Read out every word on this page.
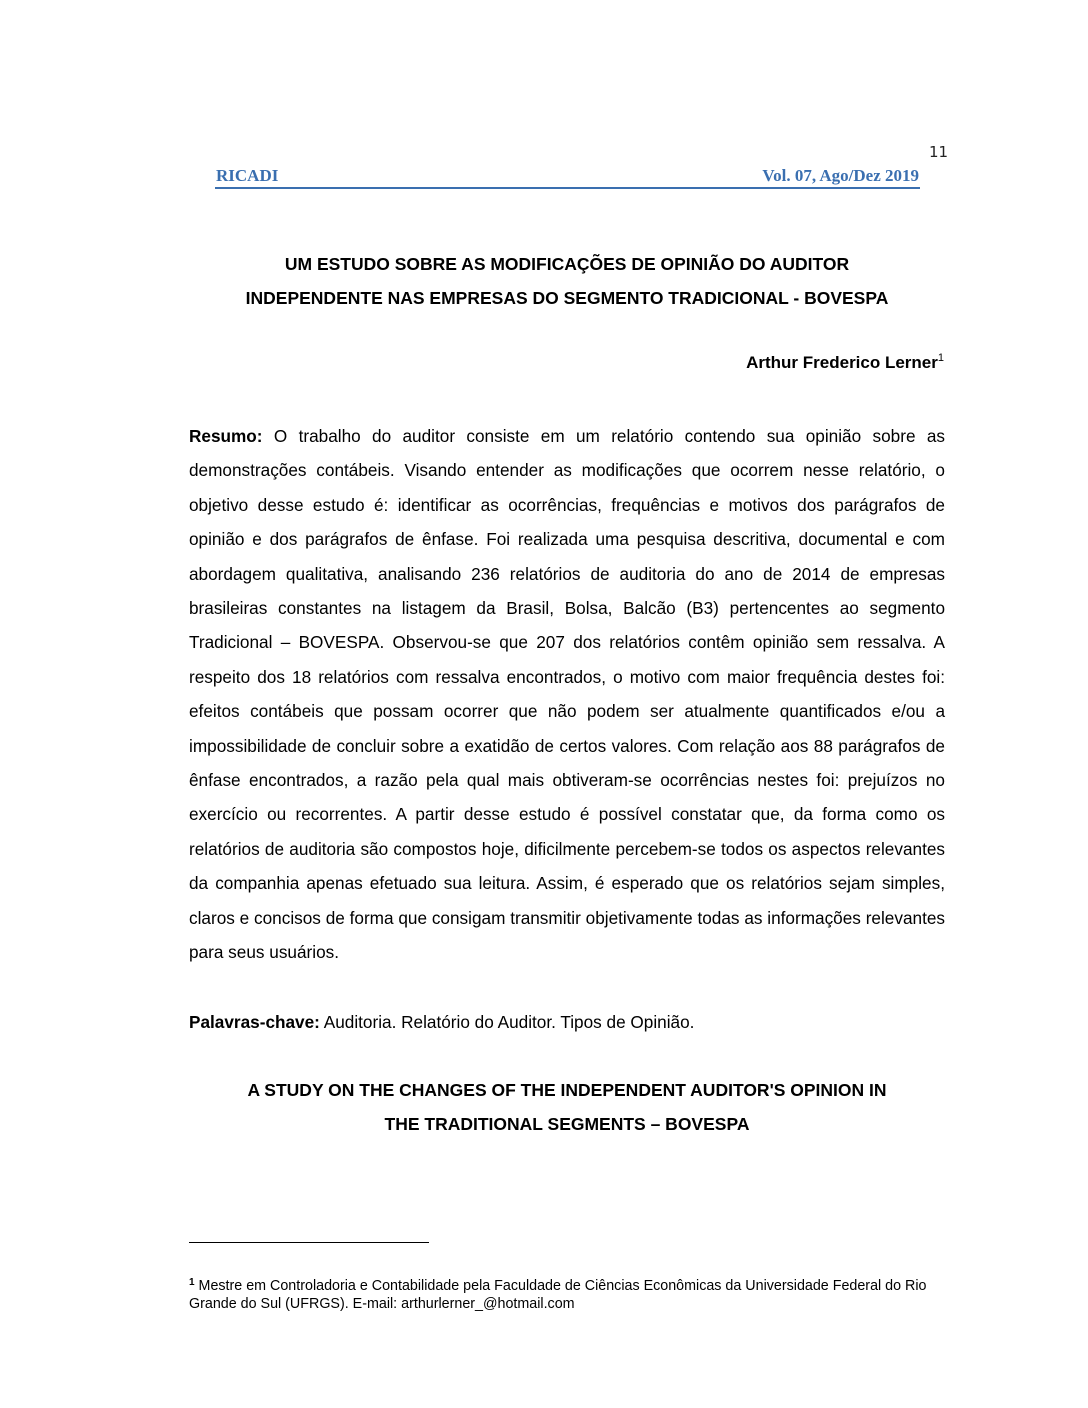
11
RICADI	Vol. 07, Ago/Dez 2019
UM ESTUDO SOBRE AS MODIFICAÇÕES DE OPINIÃO DO AUDITOR
INDEPENDENTE NAS EMPRESAS DO SEGMENTO TRADICIONAL - BOVESPA
Arthur Frederico Lerner$^1$
Resumo: O trabalho do auditor consiste em um relatório contendo sua opinião sobre as demonstrações contábeis. Visando entender as modificações que ocorrem nesse relatório, o objetivo desse estudo é: identificar as ocorrências, frequências e motivos dos parágrafos de opinião e dos parágrafos de ênfase. Foi realizada uma pesquisa descritiva, documental e com abordagem qualitativa, analisando 236 relatórios de auditoria do ano de 2014 de empresas brasileiras constantes na listagem da Brasil, Bolsa, Balcão (B3) pertencentes ao segmento Tradicional – BOVESPA. Observou-se que 207 dos relatórios contêm opinião sem ressalva. A respeito dos 18 relatórios com ressalva encontrados, o motivo com maior frequência destes foi: efeitos contábeis que possam ocorrer que não podem ser atualmente quantificados e/ou a impossibilidade de concluir sobre a exatidão de certos valores. Com relação aos 88 parágrafos de ênfase encontrados, a razão pela qual mais obtiveram-se ocorrências nestes foi: prejuízos no exercício ou recorrentes. A partir desse estudo é possível constatar que, da forma como os relatórios de auditoria são compostos hoje, dificilmente percebem-se todos os aspectos relevantes da companhia apenas efetuado sua leitura. Assim, é esperado que os relatórios sejam simples, claros e concisos de forma que consigam transmitir objetivamente todas as informações relevantes para seus usuários.
Palavras-chave: Auditoria. Relatório do Auditor. Tipos de Opinião.
A STUDY ON THE CHANGES OF THE INDEPENDENT AUDITOR'S OPINION IN
THE TRADITIONAL SEGMENTS – BOVESPA
$^1$ Mestre em Controladoria e Contabilidade pela Faculdade de Ciências Econômicas da Universidade Federal do Rio Grande do Sul (UFRGS). E-mail: arthurlerner_@hotmail.com
